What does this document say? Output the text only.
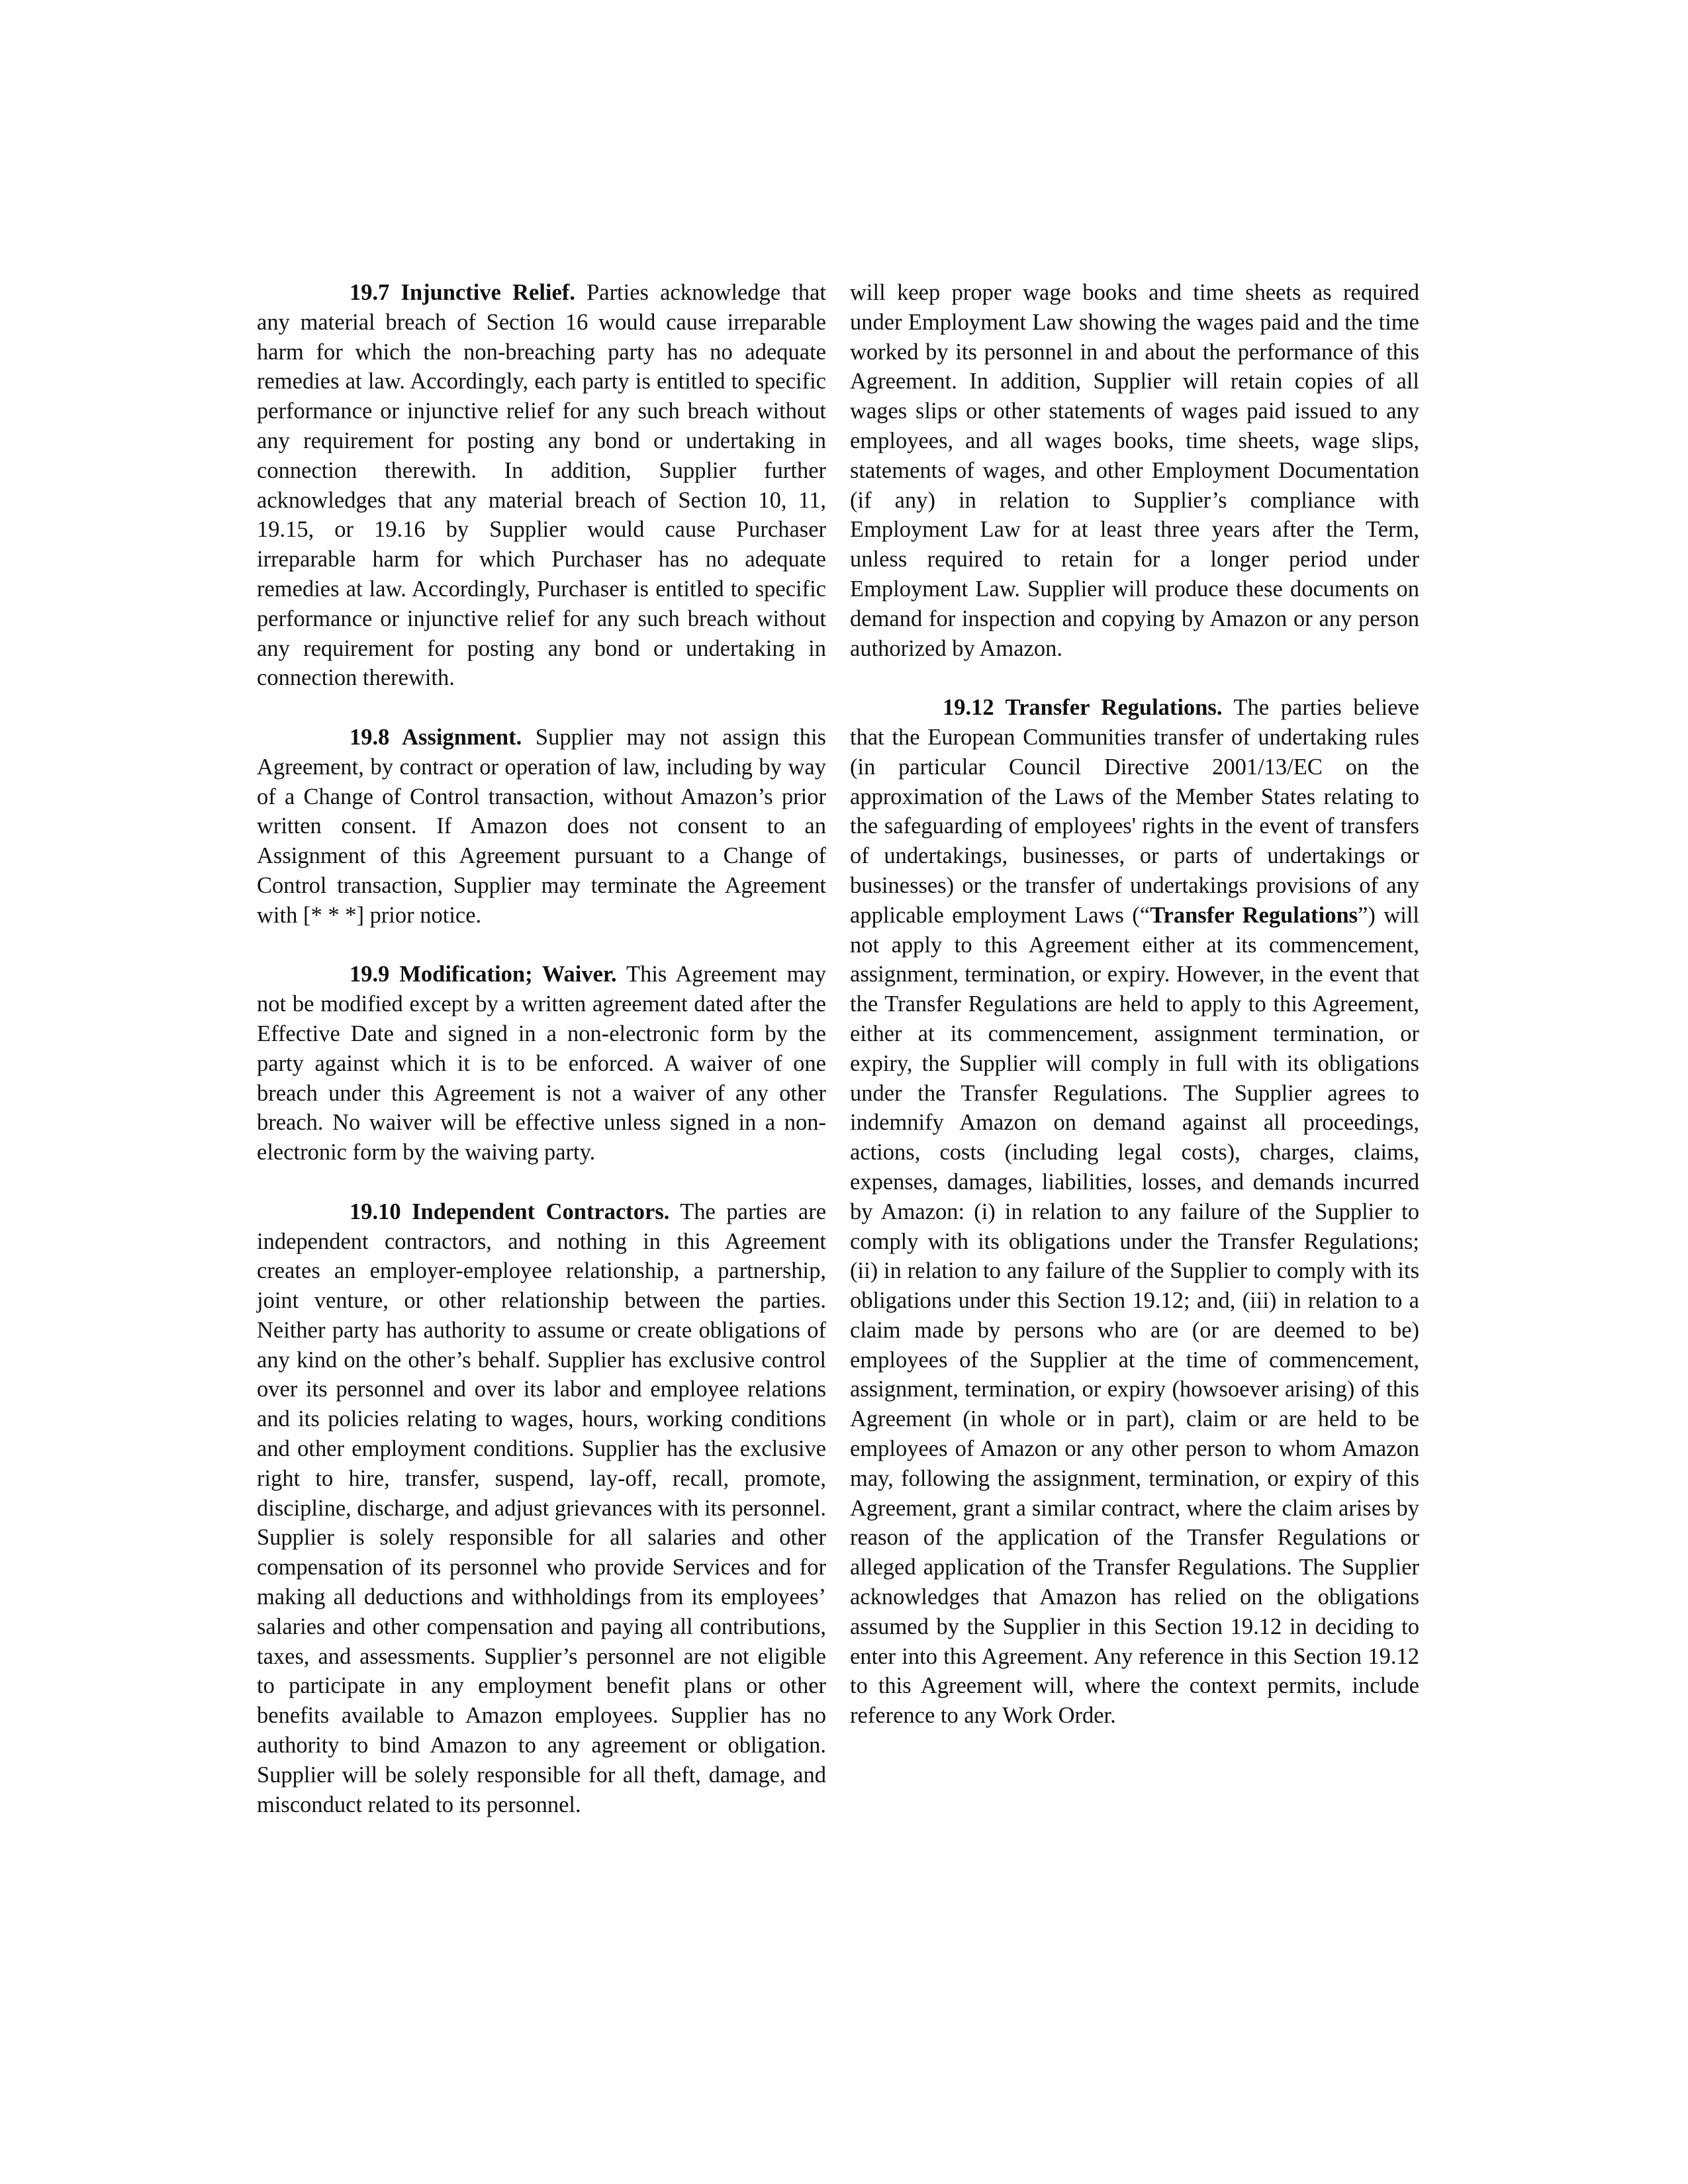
19.7 Injunctive Relief. Parties acknowledge that any material breach of Section 16 would cause irreparable harm for which the non-breaching party has no adequate remedies at law. Accordingly, each party is entitled to specific performance or injunctive relief for any such breach without any requirement for posting any bond or undertaking in connection therewith. In addition, Supplier further acknowledges that any material breach of Section 10, 11, 19.15, or 19.16 by Supplier would cause Purchaser irreparable harm for which Purchaser has no adequate remedies at law. Accordingly, Purchaser is entitled to specific performance or injunctive relief for any such breach without any requirement for posting any bond or undertaking in connection therewith.

19.8 Assignment. Supplier may not assign this Agreement, by contract or operation of law, including by way of a Change of Control transaction, without Amazon’s prior written consent. If Amazon does not consent to an Assignment of this Agreement pursuant to a Change of Control transaction, Supplier may terminate the Agreement with [* * *] prior notice.

19.9 Modification; Waiver. This Agreement may not be modified except by a written agreement dated after the Effective Date and signed in a non-electronic form by the party against which it is to be enforced. A waiver of one breach under this Agreement is not a waiver of any other breach. No waiver will be effective unless signed in a non-electronic form by the waiving party.

19.10 Independent Contractors. The parties are independent contractors, and nothing in this Agreement creates an employer-employee relationship, a partnership, joint venture, or other relationship between the parties. Neither party has authority to assume or create obligations of any kind on the other’s behalf. Supplier has exclusive control over its personnel and over its labor and employee relations and its policies relating to wages, hours, working conditions and other employment conditions. Supplier has the exclusive right to hire, transfer, suspend, lay-off, recall, promote, discipline, discharge, and adjust grievances with its personnel. Supplier is solely responsible for all salaries and other compensation of its personnel who provide Services and for making all deductions and withholdings from its employees’ salaries and other compensation and paying all contributions, taxes, and assessments. Supplier’s personnel are not eligible to participate in any employment benefit plans or other benefits available to Amazon employees. Supplier has no authority to bind Amazon to any agreement or obligation. Supplier will be solely responsible for all theft, damage, and misconduct related to its personnel.

will keep proper wage books and time sheets as required under Employment Law showing the wages paid and the time worked by its personnel in and about the performance of this Agreement. In addition, Supplier will retain copies of all wages slips or other statements of wages paid issued to any employees, and all wages books, time sheets, wage slips, statements of wages, and other Employment Documentation (if any) in relation to Supplier’s compliance with Employment Law for at least three years after the Term, unless required to retain for a longer period under Employment Law. Supplier will produce these documents on demand for inspection and copying by Amazon or any person authorized by Amazon.

19.12 Transfer Regulations. The parties believe that the European Communities transfer of undertaking rules (in particular Council Directive 2001/13/EC on the approximation of the Laws of the Member States relating to the safeguarding of employees' rights in the event of transfers of undertakings, businesses, or parts of undertakings or businesses) or the transfer of undertakings provisions of any applicable employment Laws (“Transfer Regulations”) will not apply to this Agreement either at its commencement, assignment, termination, or expiry. However, in the event that the Transfer Regulations are held to apply to this Agreement, either at its commencement, assignment termination, or expiry, the Supplier will comply in full with its obligations under the Transfer Regulations. The Supplier agrees to indemnify Amazon on demand against all proceedings, actions, costs (including legal costs), charges, claims, expenses, damages, liabilities, losses, and demands incurred by Amazon: (i) in relation to any failure of the Supplier to comply with its obligations under the Transfer Regulations; (ii) in relation to any failure of the Supplier to comply with its obligations under this Section 19.12; and, (iii) in relation to a claim made by persons who are (or are deemed to be) employees of the Supplier at the time of commencement, assignment, termination, or expiry (howsoever arising) of this Agreement (in whole or in part), claim or are held to be employees of Amazon or any other person to whom Amazon may, following the assignment, termination, or expiry of this Agreement, grant a similar contract, where the claim arises by reason of the application of the Transfer Regulations or alleged application of the Transfer Regulations. The Supplier acknowledges that Amazon has relied on the obligations assumed by the Supplier in this Section 19.12 in deciding to enter into this Agreement. Any reference in this Section 19.12 to this Agreement will, where the context permits, include reference to any Work Order.
